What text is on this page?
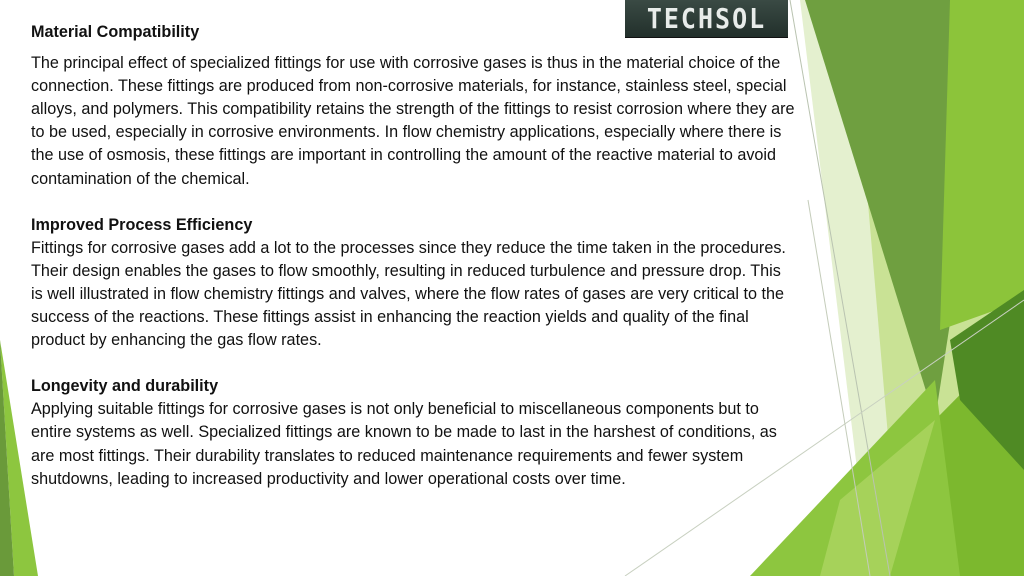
TECHSOL

Material Compatibility

The principal effect of specialized fittings for use with corrosive gases is thus in the material choice of the connection. These fittings are produced from non-corrosive materials, for instance, stainless steel, special alloys, and polymers. This compatibility retains the strength of the fittings to resist corrosion where they are to be used, especially in corrosive environments. In flow chemistry applications, especially where there is the use of osmosis, these fittings are important in controlling the amount of the reactive material to avoid contamination of the chemical.

Improved Process Efficiency

Fittings for corrosive gases add a lot to the processes since they reduce the time taken in the procedures. Their design enables the gases to flow smoothly, resulting in reduced turbulence and pressure drop. This is well illustrated in flow chemistry fittings and valves, where the flow rates of gases are very critical to the success of the reactions. These fittings assist in enhancing the reaction yields and quality of the final product by enhancing the gas flow rates.

Longevity and durability

Applying suitable fittings for corrosive gases is not only beneficial to miscellaneous components but to entire systems as well. Specialized fittings are known to be made to last in the harshest of conditions, as are most fittings. Their durability translates to reduced maintenance requirements and fewer system shutdowns, leading to increased productivity and lower operational costs over time.
